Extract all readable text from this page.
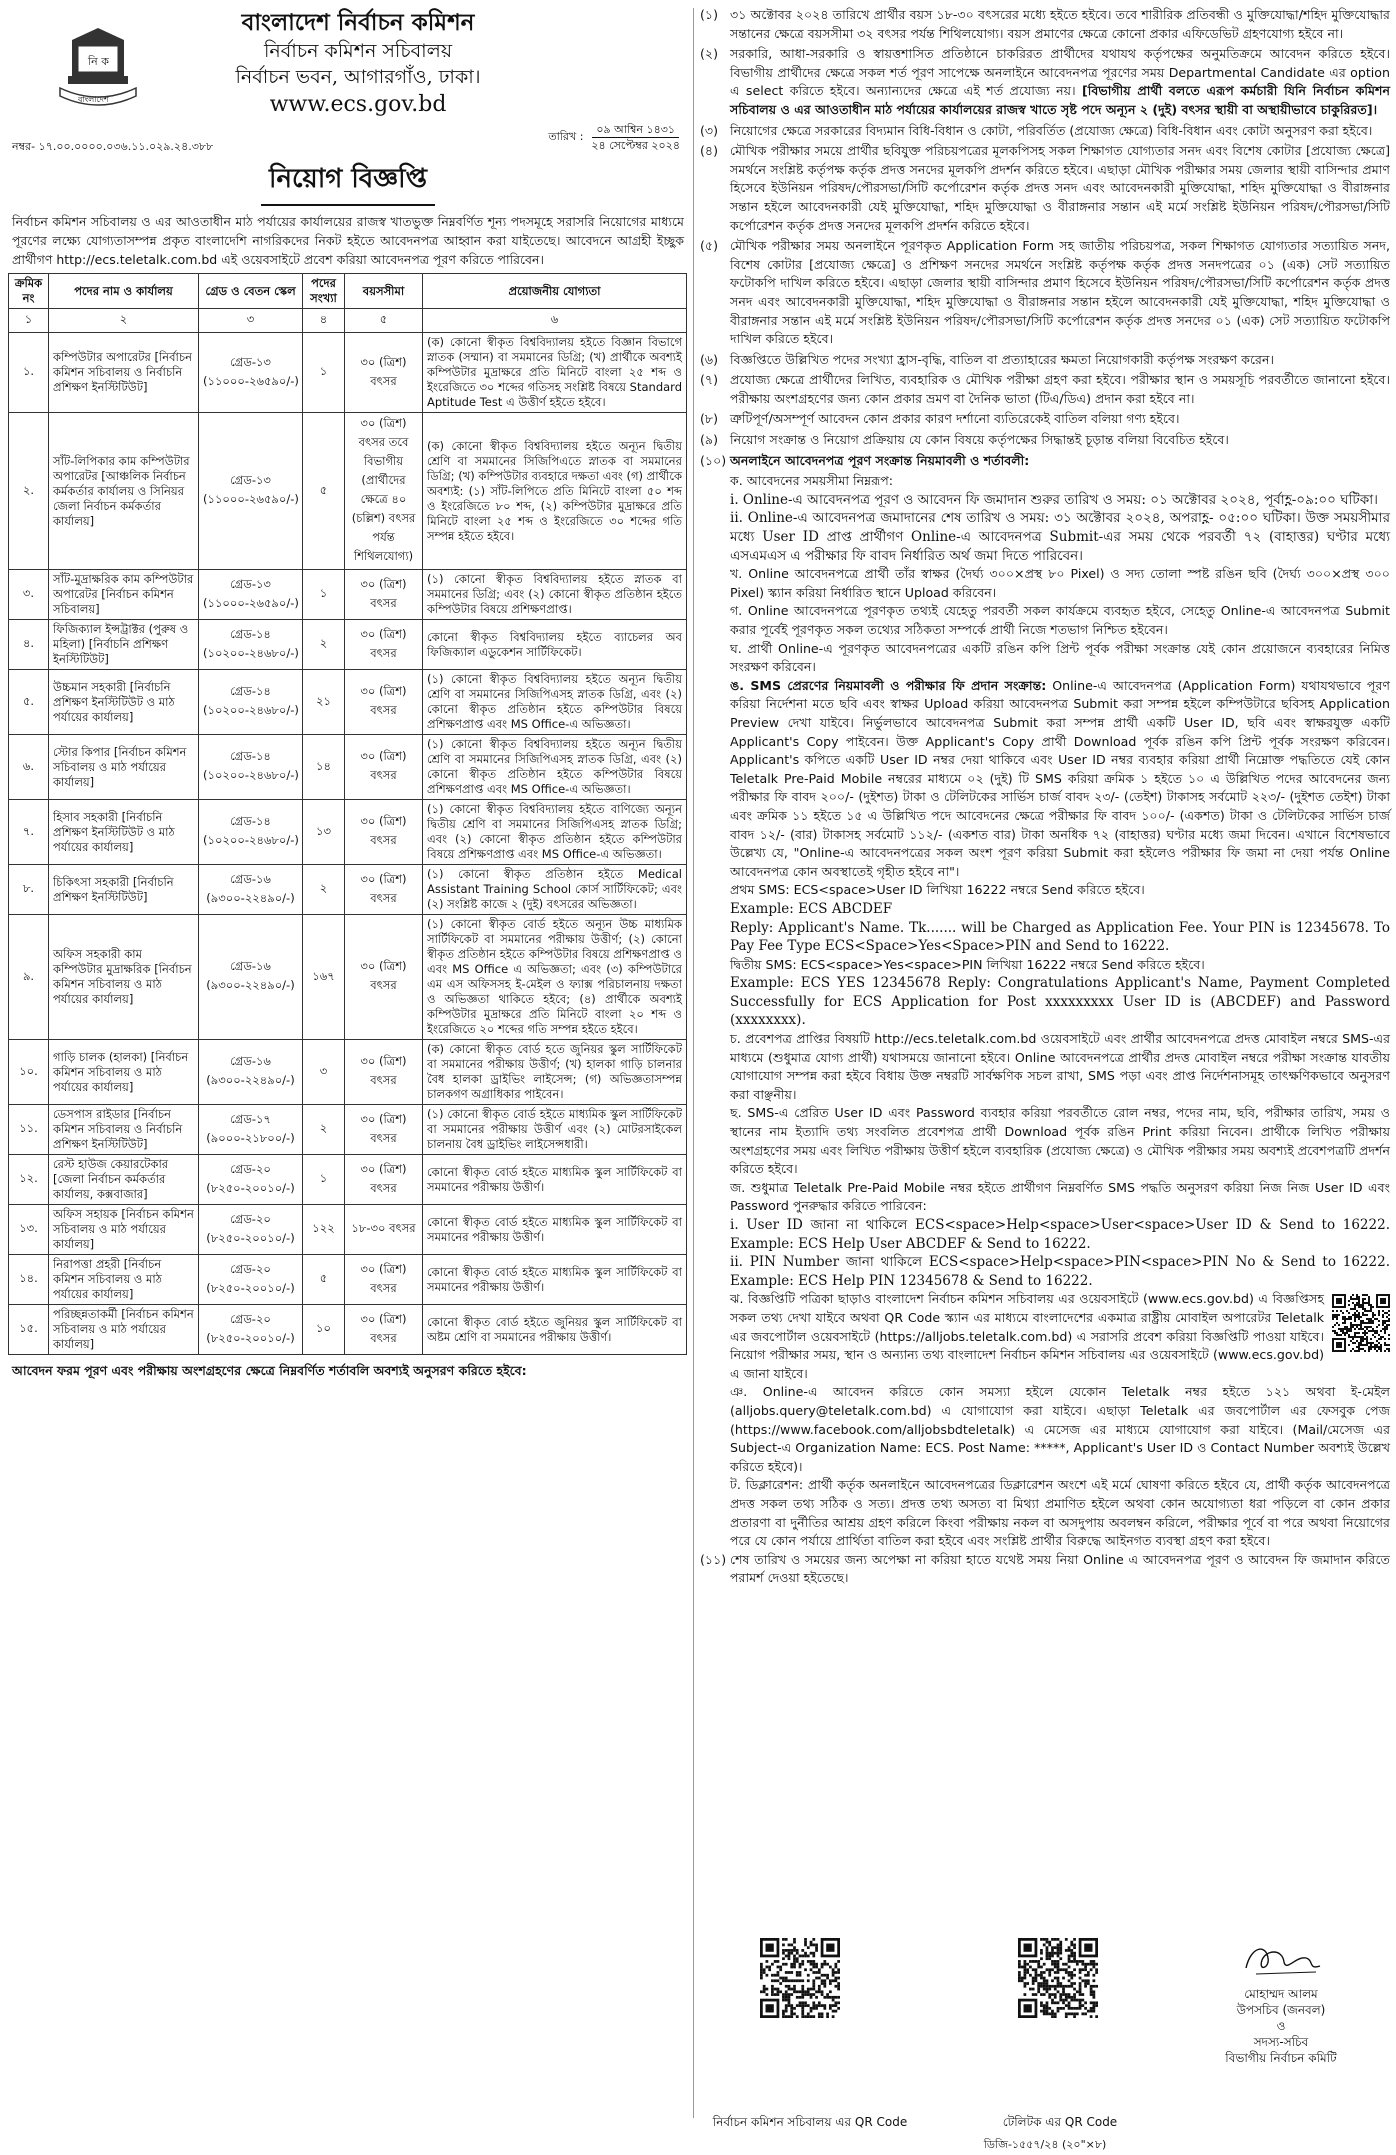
নি ক
বাংলাদেশ
বাংলাদেশ নির্বাচন কমিশন
নির্বাচন কমিশন সচিবালয়
নির্বাচন ভবন, আগারগাঁও, ঢাকা।
www.ecs.gov.bd
নম্বর- ১৭.০০.০০০০.০৩৬.১১.০২৯.২৪.৩৮৮
তারিখ :
০৯ আশ্বিন ১৪৩১
২৪ সেপ্টেম্বর ২০২৪
নিয়োগ বিজ্ঞপ্তি
নির্বাচন কমিশন সচিবালয় ও এর আওতাধীন মাঠ পর্যায়ের কার্যালয়ের রাজস্ব খাতভুক্ত নিম্নবর্ণিত শূন্য পদসমূহে সরাসরি নিয়োগের মাধ্যমে পূরণের লক্ষ্যে যোগ্যতাসম্পন্ন প্রকৃত বাংলাদেশি নাগরিকদের নিকট হইতে আবেদনপত্র আহ্বান করা যাইতেছে। আবেদনে আগ্রহী ইচ্ছুক প্রার্থীগণ http://ecs.teletalk.com.bd এই ওয়েবসাইটে প্রবেশ করিয়া আবেদনপত্র পূরণ করিতে পারিবেন।
ক্রমিক নং	পদের নাম ও কার্যালয়	গ্রেড ও বেতন স্কেল	পদের সংখ্যা	বয়সসীমা	প্রয়োজনীয় যোগ্যতা
১	২	৩	৪	৫	৬
১.	কম্পিউটার অপারেটর [নির্বাচন কমিশন সচিবালয় ও নির্বাচনি প্রশিক্ষণ ইনস্টিটিউট]	গ্রেড-১৩ (১১০০০-২৬৫৯০/-)	১	৩০ (ত্রিশ) বৎসর	(ক) কোনো স্বীকৃত বিশ্ববিদ্যালয় হইতে বিজ্ঞান বিভাগে স্নাতক (সম্মান) বা সমমানের ডিগ্রি; (খ) প্রার্থীকে অবশ্যই কম্পিউটার মুদ্রাক্ষরে প্রতি মিনিটে বাংলা ২৫ শব্দ ও ইংরেজিতে ৩০ শব্দের গতিসহ সংশ্লিষ্ট বিষয়ে Standard Aptitude Test এ উত্তীর্ণ হইতে হইবে।
২.	সাঁট-লিপিকার কাম কম্পিউটার অপারেটর [আঞ্চলিক নির্বাচন কর্মকর্তার কার্যালয় ও সিনিয়র জেলা নির্বাচন কর্মকর্তার কার্যালয়]	গ্রেড-১৩ (১১০০০-২৬৫৯০/-)	৫	৩০ (ত্রিশ) বৎসর তবে বিভাগীয় (প্রার্থীদের ক্ষেত্রে ৪০ (চল্লিশ) বৎসর পর্যন্ত শিথিলযোগ্য)	(ক) কোনো স্বীকৃত বিশ্ববিদ্যালয় হইতে অন্যূন দ্বিতীয় শ্রেণি বা সমমানের সিজিপিএতে স্নাতক বা সমমানের ডিগ্রি; (খ) কম্পিউটার ব্যবহারে দক্ষতা এবং (গ) প্রার্থীকে অবশ্যই: (১) সাঁট-লিপিতে প্রতি মিনিটে বাংলা ৫০ শব্দ ও ইংরেজিতে ৮০ শব্দ, (২) কম্পিউটার মুদ্রাক্ষরে প্রতি মিনিটে বাংলা ২৫ শব্দ ও ইংরেজিতে ৩০ শব্দের গতি সম্পন্ন হইতে হইবে।
৩.	সাঁট-মুদ্রাক্ষরিক কাম কম্পিউটার অপারেটর [নির্বাচন কমিশন সচিবালয়]	গ্রেড-১৩ (১১০০০-২৬৫৯০/-)	১	৩০ (ত্রিশ) বৎসর	(১) কোনো স্বীকৃত বিশ্ববিদ্যালয় হইতে স্নাতক বা সমমানের ডিগ্রি; এবং (২) কোনো স্বীকৃত প্রতিষ্ঠান হইতে কম্পিউটার বিষয়ে প্রশিক্ষণপ্রাপ্ত।
৪.	ফিজিক্যাল ইন্সট্রাক্টর (পুরুষ ও মহিলা) [নির্বাচনি প্রশিক্ষণ ইনস্টিটিউট]	গ্রেড-১৪ (১০২০০-২৪৬৮০/-)	২	৩০ (ত্রিশ) বৎসর	কোনো স্বীকৃত বিশ্ববিদ্যালয় হইতে ব্যাচেলর অব ফিজিক্যাল এডুকেশন সার্টিফিকেট।
৫.	উচ্চমান সহকারী [নির্বাচনি প্রশিক্ষণ ইনস্টিটিউট ও মাঠ পর্যায়ের কার্যালয়]	গ্রেড-১৪ (১০২০০-২৪৬৮০/-)	২১	৩০ (ত্রিশ) বৎসর	(১) কোনো স্বীকৃত বিশ্ববিদ্যালয় হইতে অন্যূন দ্বিতীয় শ্রেণি বা সমমানের সিজিপিএসহ স্নাতক ডিগ্রি, এবং (২) কোনো স্বীকৃত প্রতিষ্ঠান হইতে কম্পিউটার বিষয়ে প্রশিক্ষণপ্রাপ্ত এবং MS Office-এ অভিজ্ঞতা।
৬.	স্টোর কিপার [নির্বাচন কমিশন সচিবালয় ও মাঠ পর্যায়ের কার্যালয়]	গ্রেড-১৪ (১০২০০-২৪৬৮০/-)	১৪	৩০ (ত্রিশ) বৎসর	(১) কোনো স্বীকৃত বিশ্ববিদ্যালয় হইতে অন্যূন দ্বিতীয় শ্রেণি বা সমমানের সিজিপিএসহ স্নাতক ডিগ্রি, এবং (২) কোনো স্বীকৃত প্রতিষ্ঠান হইতে কম্পিউটার বিষয়ে প্রশিক্ষণপ্রাপ্ত এবং MS Office-এ অভিজ্ঞতা।
৭.	হিসাব সহকারী [নির্বাচনি প্রশিক্ষণ ইনস্টিটিউট ও মাঠ পর্যায়ের কার্যালয়]	গ্রেড-১৪ (১০২০০-২৪৬৮০/-)	১৩	৩০ (ত্রিশ) বৎসর	(১) কোনো স্বীকৃত বিশ্ববিদ্যালয় হইতে বাণিজ্যে অন্যূন দ্বিতীয় শ্রেণি বা সমমানের সিজিপিএসহ স্নাতক ডিগ্রি; এবং (২) কোনো স্বীকৃত প্রতিষ্ঠান হইতে কম্পিউটার বিষয়ে প্রশিক্ষণপ্রাপ্ত এবং MS Office-এ অভিজ্ঞতা।
৮.	চিকিৎসা সহকারী [নির্বাচনি প্রশিক্ষণ ইনস্টিটিউট]	গ্রেড-১৬ (৯৩০০-২২৪৯০/-)	২	৩০ (ত্রিশ) বৎসর	(১) কোনো স্বীকৃত প্রতিষ্ঠান হইতে Medical Assistant Training School কোর্স সার্টিফিকেট; এবং (২) সংশ্লিষ্ট কাজে ২ (দুই) বৎসরের অভিজ্ঞতা।
৯.	অফিস সহকারী কাম কম্পিউটার মুদ্রাক্ষরিক [নির্বাচন কমিশন সচিবালয় ও মাঠ পর্যায়ের কার্যালয়]	গ্রেড-১৬ (৯৩০০-২২৪৯০/-)	১৬৭	৩০ (ত্রিশ) বৎসর	(১) কোনো স্বীকৃত বোর্ড হইতে অন্যূন উচ্চ মাধ্যমিক সার্টিফিকেট বা সমমানের পরীক্ষায় উত্তীর্ণ; (২) কোনো স্বীকৃত প্রতিষ্ঠান হইতে কম্পিউটার বিষয়ে প্রশিক্ষণপ্রাপ্ত ও এবং MS Office এ অভিজ্ঞতা; এবং (৩) কম্পিউটারে এম এস অফিসসহ ই-মেইল ও ফ্যাক্স পরিচালনায় দক্ষতা ও অভিজ্ঞতা থাকিতে হইবে; (৪) প্রার্থীকে অবশ্যই কম্পিউটার মুদ্রাক্ষরে প্রতি মিনিটে বাংলা ২০ শব্দ ও ইংরেজিতে ২০ শব্দের গতি সম্পন্ন হইতে হইবে।
১০.	গাড়ি চালক (হালকা) [নির্বাচন কমিশন সচিবালয় ও মাঠ পর্যায়ের কার্যালয়]	গ্রেড-১৬ (৯৩০০-২২৪৯০/-)	৩	৩০ (ত্রিশ) বৎসর	(ক) কোনো স্বীকৃত বোর্ড হতে জুনিয়র স্কুল সার্টিফিকেট বা সমমানের পরীক্ষায় উত্তীর্ণ; (খ) হালকা গাড়ি চালনার বৈধ হালকা ড্রাইভিং লাইসেন্স; (গ) অভিজ্ঞতাসম্পন্ন চালকগণ অগ্রাধিকার পাইবেন।
১১.	ডেসপাস রাইডার [নির্বাচন কমিশন সচিবালয় ও নির্বাচনি প্রশিক্ষণ ইনস্টিটিউট]	গ্রেড-১৭ (৯০০০-২১৮০০/-)	২	৩০ (ত্রিশ) বৎসর	(১) কোনো স্বীকৃত বোর্ড হইতে মাধ্যমিক স্কুল সার্টিফিকেট বা সমমানের পরীক্ষায় উত্তীর্ণ এবং (২) মোটরসাইকেল চালনায় বৈধ ড্রাইভিং লাইসেন্সধারী।
১২.	রেস্ট হাউজ কেয়ারটেকার [জেলা নির্বাচন কর্মকর্তার কার্যালয়, কক্সবাজার]	গ্রেড-২০ (৮২৫০-২০০১০/-)	১	৩০ (ত্রিশ) বৎসর	কোনো স্বীকৃত বোর্ড হইতে মাধ্যমিক স্কুল সার্টিফিকেট বা সমমানের পরীক্ষায় উত্তীর্ণ।
১৩.	অফিস সহায়ক [নির্বাচন কমিশন সচিবালয় ও মাঠ পর্যায়ের কার্যালয়]	গ্রেড-২০ (৮২৫০-২০০১০/-)	১২২	১৮-৩০ বৎসর	কোনো স্বীকৃত বোর্ড হইতে মাধ্যমিক স্কুল সার্টিফিকেট বা সমমানের পরীক্ষায় উত্তীর্ণ।
১৪.	নিরাপত্তা প্রহরী [নির্বাচন কমিশন সচিবালয় ও মাঠ পর্যায়ের কার্যালয়]	গ্রেড-২০ (৮২৫০-২০০১০/-)	৫	৩০ (ত্রিশ) বৎসর	কোনো স্বীকৃত বোর্ড হইতে মাধ্যমিক স্কুল সার্টিফিকেট বা সমমানের পরীক্ষায় উত্তীর্ণ।
১৫.	পরিচ্ছন্নতাকর্মী [নির্বাচন কমিশন সচিবালয় ও মাঠ পর্যায়ের কার্যালয়]	গ্রেড-২০ (৮২৫০-২০০১০/-)	১০	৩০ (ত্রিশ) বৎসর	কোনো স্বীকৃত বোর্ড হইতে জুনিয়র স্কুল সার্টিফিকেট বা অষ্টম শ্রেণি বা সমমানের পরীক্ষায় উত্তীর্ণ।
আবেদন ফরম পূরণ এবং পরীক্ষায় অংশগ্রহণের ক্ষেত্রে নিম্নবর্ণিত শর্তাবলি অবশ্যই অনুসরণ করিতে হইবে:
(১) ৩১ অক্টোবর ২০২৪ তারিখে প্রার্থীর বয়স ১৮-৩০ বৎসরের মধ্যে হইতে হইবে। তবে শারীরিক প্রতিবন্ধী ও মুক্তিযোদ্ধা/শহিদ মুক্তিযোদ্ধার সন্তানের ক্ষেত্রে বয়সসীমা ৩২ বৎসর পর্যন্ত শিথিলযোগ্য। বয়স প্রমাণের ক্ষেত্রে কোনো প্রকার এফিডেভিট গ্রহণযোগ্য হইবে না।
(২) সরকারি, আধা-সরকারি ও স্বায়ত্তশাসিত প্রতিষ্ঠানে চাকরিরত প্রার্থীদের যথাযথ কর্তৃপক্ষের অনুমতিক্রমে আবেদন করিতে হইবে। বিভাগীয় প্রার্থীদের ক্ষেত্রে সকল শর্ত পূরণ সাপেক্ষে অনলাইনে আবেদনপত্র পূরণের সময় Departmental Candidate এর option এ select করিতে হইবে। অন্যান্যদের ক্ষেত্রে এই শর্ত প্রযোজ্য নয়। [বিভাগীয় প্রার্থী বলতে এরূপ কর্মচারী যিনি নির্বাচন কমিশন সচিবালয় ও এর আওতাধীন মাঠ পর্যায়ের কার্যালয়ের রাজস্ব খাতে সৃষ্ট পদে অন্যূন ২ (দুই) বৎসর স্থায়ী বা অস্থায়ীভাবে চাকুরিরত]।
(৩) নিয়োগের ক্ষেত্রে সরকারের বিদ্যমান বিধি-বিধান ও কোটা, পরিবর্তিত (প্রযোজ্য ক্ষেত্রে) বিধি-বিধান এবং কোটা অনুসরণ করা হইবে।
(৪) মৌখিক পরীক্ষার সময়ে প্রার্থীর ছবিযুক্ত পরিচয়পত্রের মূলকপিসহ সকল শিক্ষাগত যোগ্যতার সনদ এবং বিশেষ কোটার [প্রযোজ্য ক্ষেত্রে] সমর্থনে সংশ্লিষ্ট কর্তৃপক্ষ কর্তৃক প্রদত্ত সনদের মূলকপি প্রদর্শন করিতে হইবে। এছাড়া মৌখিক পরীক্ষার সময় জেলার স্থায়ী বাসিন্দার প্রমাণ হিসেবে ইউনিয়ন পরিষদ/পৌরসভা/সিটি কর্পোরেশন কর্তৃক প্রদত্ত সনদ এবং আবেদনকারী মুক্তিযোদ্ধা, শহিদ মুক্তিযোদ্ধা ও বীরাঙ্গনার সন্তান হইলে আবেদনকারী যেই মুক্তিযোদ্ধা, শহিদ মুক্তিযোদ্ধা ও বীরাঙ্গনার সন্তান এই মর্মে সংশ্লিষ্ট ইউনিয়ন পরিষদ/পৌরসভা/সিটি কর্পোরেশন কর্তৃক প্রদত্ত সনদের মূলকপি প্রদর্শন করিতে হইবে।
(৫) মৌখিক পরীক্ষার সময় অনলাইনে পূরণকৃত Application Form সহ জাতীয় পরিচয়পত্র, সকল শিক্ষাগত যোগ্যতার সত্যায়িত সনদ, বিশেষ কোটার [প্রযোজ্য ক্ষেত্রে] ও প্রশিক্ষণ সনদের সমর্থনে সংশ্লিষ্ট কর্তৃপক্ষ কর্তৃক প্রদত্ত সনদপত্রের ০১ (এক) সেট সত্যায়িত ফটোকপি দাখিল করিতে হইবে। এছাড়া জেলার স্থায়ী বাসিন্দার প্রমাণ হিসেবে ইউনিয়ন পরিষদ/পৌরসভা/সিটি কর্পোরেশন কর্তৃক প্রদত্ত সনদ এবং আবেদনকারী মুক্তিযোদ্ধা, শহিদ মুক্তিযোদ্ধা ও বীরাঙ্গনার সন্তান হইলে আবেদনকারী যেই মুক্তিযোদ্ধা, শহিদ মুক্তিযোদ্ধা ও বীরাঙ্গনার সন্তান এই মর্মে সংশ্লিষ্ট ইউনিয়ন পরিষদ/পৌরসভা/সিটি কর্পোরেশন কর্তৃক প্রদত্ত সনদের ০১ (এক) সেট সত্যায়িত ফটোকপি দাখিল করিতে হইবে।
(৬) বিজ্ঞপ্তিতে উল্লিখিত পদের সংখ্যা হ্রাস-বৃদ্ধি, বাতিল বা প্রত্যাহারের ক্ষমতা নিয়োগকারী কর্তৃপক্ষ সংরক্ষণ করেন।
(৭) প্রযোজ্য ক্ষেত্রে প্রার্থীদের লিখিত, ব্যবহারিক ও মৌখিক পরীক্ষা গ্রহণ করা হইবে। পরীক্ষার স্থান ও সময়সূচি পরবর্তীতে জানানো হইবে। পরীক্ষায় অংশগ্রহণের জন্য কোন প্রকার ভ্রমণ বা দৈনিক ভাতা (টিএ/ডিএ) প্রদান করা হইবে না।
(৮) ত্রুটিপূর্ণ/অসম্পূর্ণ আবেদন কোন প্রকার কারণ দর্শানো ব্যতিরেকেই বাতিল বলিয়া গণ্য হইবে।
(৯) নিয়োগ সংক্রান্ত ও নিয়োগ প্রক্রিয়ায় যে কোন বিষয়ে কর্তৃপক্ষের সিদ্ধান্তই চূড়ান্ত বলিয়া বিবেচিত হইবে।
(১০) অনলাইনে আবেদনপত্র পূরণ সংক্রান্ত নিয়মাবলী ও শর্তাবলী:
ক. আবেদনের সময়সীমা নিম্নরূপ:
i. Online-এ আবেদনপত্র পূরণ ও আবেদন ফি জমাদান শুরুর তারিখ ও সময়: ০১ অক্টোবর ২০২৪, পূর্বাহ্ণ-০৯:০০ ঘটিকা।
ii. Online-এ আবেদনপত্র জমাদানের শেষ তারিখ ও সময়: ৩১ অক্টোবর ২০২৪, অপরাহ্ণ- ০৫:০০ ঘটিকা। উক্ত সময়সীমার মধ্যে User ID প্রাপ্ত প্রার্থীগণ Online-এ আবেদনপত্র Submit-এর সময় থেকে পরবর্তী ৭২ (বাহাত্তর) ঘণ্টার মধ্যে এসএমএস এ পরীক্ষার ফি বাবদ নির্ধারিত অর্থ জমা দিতে পারিবেন।
খ. Online আবেদনপত্রে প্রার্থী তাঁর স্বাক্ষর (দৈর্ঘ্য ৩০০×প্রস্থ ৮০ Pixel) ও সদ্য তোলা স্পষ্ট রঙিন ছবি (দৈর্ঘ্য ৩০০×প্রস্থ ৩০০ Pixel) স্ক্যান করিয়া নির্ধারিত স্থানে Upload করিবেন।
গ. Online আবেদনপত্রে পূরণকৃত তথ্যই যেহেতু পরবর্তী সকল কার্যক্রমে ব্যবহৃত হইবে, সেহেতু Online-এ আবেদনপত্র Submit করার পূর্বেই পূরণকৃত সকল তথ্যের সঠিকতা সম্পর্কে প্রার্থী নিজে শতভাগ নিশ্চিত হইবেন।
ঘ. প্রার্থী Online-এ পূরণকৃত আবেদনপত্রের একটি রঙিন কপি প্রিন্ট পূর্বক পরীক্ষা সংক্রান্ত যেই কোন প্রয়োজনে ব্যবহারের নিমিত্ত সংরক্ষণ করিবেন।
ঙ. SMS প্রেরণের নিয়মাবলী ও পরীক্ষার ফি প্রদান সংক্রান্ত: Online-এ আবেদনপত্র (Application Form) যথাযথভাবে পূরণ করিয়া নির্দেশনা মতে ছবি এবং স্বাক্ষর Upload করিয়া আবেদনপত্র Submit করা সম্পন্ন হইলে কম্পিউটারে ছবিসহ Application Preview দেখা যাইবে। নির্ভুলভাবে আবেদনপত্র Submit করা সম্পন্ন প্রার্থী একটি User ID, ছবি এবং স্বাক্ষরযুক্ত একটি Applicant's Copy পাইবেন। উক্ত Applicant's Copy প্রার্থী Download পূর্বক রঙিন কপি প্রিন্ট পূর্বক সংরক্ষণ করিবেন। Applicant's কপিতে একটি User ID নম্বর দেয়া থাকিবে এবং User ID নম্বর ব্যবহার করিয়া প্রার্থী নিম্নোক্ত পদ্ধতিতে যেই কোন Teletalk Pre-Paid Mobile নম্বরের মাধ্যমে ০২ (দুই) টি SMS করিয়া ক্রমিক ১ হইতে ১০ এ উল্লিখিত পদের আবেদনের জন্য পরীক্ষার ফি বাবদ ২০০/- (দুইশত) টাকা ও টেলিটকের সার্ভিস চার্জ বাবদ ২৩/- (তেইশ) টাকাসহ সর্বমোট ২২৩/- (দুইশত তেইশ) টাকা এবং ক্রমিক ১১ হইতে ১৫ এ উল্লিখিত পদে আবেদনের ক্ষেত্রে পরীক্ষার ফি বাবদ ১০০/- (একশত) টাকা ও টেলিটকের সার্ভিস চার্জ বাবদ ১২/- (বার) টাকাসহ সর্বমোট ১১২/- (একশত বার) টাকা অনধিক ৭২ (বাহাত্তর) ঘণ্টার মধ্যে জমা দিবেন। এখানে বিশেষভাবে উল্লেখ্য যে, "Online-এ আবেদনপত্রের সকল অংশ পূরণ করিয়া Submit করা হইলেও পরীক্ষার ফি জমা না দেয়া পর্যন্ত Online আবেদনপত্র কোন অবস্থাতেই গৃহীত হইবে না"।
প্রথম SMS: ECS<space>User ID লিখিয়া 16222 নম্বরে Send করিতে হইবে।
Example: ECS ABCDEF
Reply: Applicant's Name. Tk....... will be Charged as Application Fee. Your PIN is 12345678. To Pay Fee Type ECS<Space>Yes<Space>PIN and Send to 16222.
দ্বিতীয় SMS: ECS<space>Yes<space>PIN লিখিয়া 16222 নম্বরে Send করিতে হইবে।
Example: ECS YES 12345678 Reply: Congratulations Applicant's Name, Payment Completed Successfully for ECS Application for Post xxxxxxxxx User ID is (ABCDEF) and Password (xxxxxxxx).
চ. প্রবেশপত্র প্রাপ্তির বিষয়টি http://ecs.teletalk.com.bd ওয়েবসাইটে এবং প্রার্থীর আবেদনপত্রে প্রদত্ত মোবাইল নম্বরে SMS-এর মাধ্যমে (শুধুমাত্র যোগ্য প্রার্থী) যথাসময়ে জানানো হইবে। Online আবেদনপত্রে প্রার্থীর প্রদত্ত মোবাইল নম্বরে পরীক্ষা সংক্রান্ত যাবতীয় যোগাযোগ সম্পন্ন করা হইবে বিধায় উক্ত নম্বরটি সার্বক্ষণিক সচল রাখা, SMS পড়া এবং প্রাপ্ত নির্দেশনাসমূহ তাৎক্ষণিকভাবে অনুসরণ করা বাঞ্ছনীয়।
ছ. SMS-এ প্রেরিত User ID এবং Password ব্যবহার করিয়া পরবর্তীতে রোল নম্বর, পদের নাম, ছবি, পরীক্ষার তারিখ, সময় ও স্থানের নাম ইত্যাদি তথ্য সংবলিত প্রবেশপত্র প্রার্থী Download পূর্বক রঙিন Print করিয়া নিবেন। প্রার্থীকে লিখিত পরীক্ষায় অংশগ্রহণের সময় এবং লিখিত পরীক্ষায় উত্তীর্ণ হইলে ব্যবহারিক (প্রযোজ্য ক্ষেত্রে) ও মৌখিক পরীক্ষার সময় অবশ্যই প্রবেশপত্রটি প্রদর্শন করিতে হইবে।
জ. শুধুমাত্র Teletalk Pre-Paid Mobile নম্বর হইতে প্রার্থীগণ নিম্নবর্ণিত SMS পদ্ধতি অনুসরণ করিয়া নিজ নিজ User ID এবং Password পুনরুদ্ধার করিতে পারিবেন:
i. User ID জানা না থাকিলে ECS<space>Help<space>User<space>User ID & Send to 16222. Example: ECS Help User ABCDEF & Send to 16222.
ii. PIN Number জানা থাকিলে ECS<space>Help<space>PIN<space>PIN No & Send to 16222. Example: ECS Help PIN 12345678 & Send to 16222.
ঝ. বিজ্ঞপ্তিটি পত্রিকা ছাড়াও বাংলাদেশ নির্বাচন কমিশন সচিবালয় এর ওয়েবসাইটে (www.ecs.gov.bd) এ বিজ্ঞপ্তিসহ সকল তথ্য দেখা যাইবে অথবা QR Code স্ক্যান এর মাধ্যমে বাংলাদেশের একমাত্র রাষ্ট্রীয় মোবাইল অপারেটর Teletalk এর জবপোর্টাল ওয়েবসাইটে (https://alljobs.teletalk.com.bd) এ সরাসরি প্রবেশ করিয়া বিজ্ঞপ্তিটি পাওয়া যাইবে। নিয়োগ পরীক্ষার সময়, স্থান ও অন্যান্য তথ্য বাংলাদেশ নির্বাচন কমিশন সচিবালয় এর ওয়েবসাইটে (www.ecs.gov.bd) এ জানা যাইবে।
ঞ. Online-এ আবেদন করিতে কোন সমস্যা হইলে যেকোন Teletalk নম্বর হইতে ১২১ অথবা ই-মেইল (alljobs.query@teletalk.com.bd) এ যোগাযোগ করা যাইবে। এছাড়া Teletalk এর জবপোর্টাল এর ফেসবুক পেজ (https://www.facebook.com/alljobsbdteletalk) এ মেসেজ এর মাধ্যমে যোগাযোগ করা যাইবে। (Mail/মেসেজ এর Subject-এ Organization Name: ECS. Post Name: *****, Applicant's User ID ও Contact Number অবশ্যই উল্লেখ করিতে হইবে)।
ট. ডিক্লারেশন: প্রার্থী কর্তৃক অনলাইনে আবেদনপত্রের ডিক্লারেশন অংশে এই মর্মে ঘোষণা করিতে হইবে যে, প্রার্থী কর্তৃক আবেদনপত্রে প্রদত্ত সকল তথ্য সঠিক ও সত্য। প্রদত্ত তথ্য অসত্য বা মিথ্যা প্রমাণিত হইলে অথবা কোন অযোগ্যতা ধরা পড়িলে বা কোন প্রকার প্রতারণা বা দুর্নীতির আশ্রয় গ্রহণ করিলে কিংবা পরীক্ষায় নকল বা অসদুপায় অবলম্বন করিলে, পরীক্ষার পূর্বে বা পরে অথবা নিয়োগের পরে যে কোন পর্যায়ে প্রার্থিতা বাতিল করা হইবে এবং সংশ্লিষ্ট প্রার্থীর বিরুদ্ধে আইনগত ব্যবস্থা গ্রহণ করা হইবে।
(১১) শেষ তারিখ ও সময়ের জন্য অপেক্ষা না করিয়া হাতে যথেষ্ট সময় নিয়া Online এ আবেদনপত্র পূরণ ও আবেদন ফি জমাদান করিতে পরামর্শ দেওয়া হইতেছে।
নির্বাচন কমিশন সচিবালয় এর QR Code	টেলিটক এর QR Code
মোহাম্মদ আলম
উপসচিব (জনবল)
ও
সদস্য-সচিব
বিভাগীয় নির্বাচন কমিটি
ডিজি-১৫৫৭/২৪ (২০"×৮)
